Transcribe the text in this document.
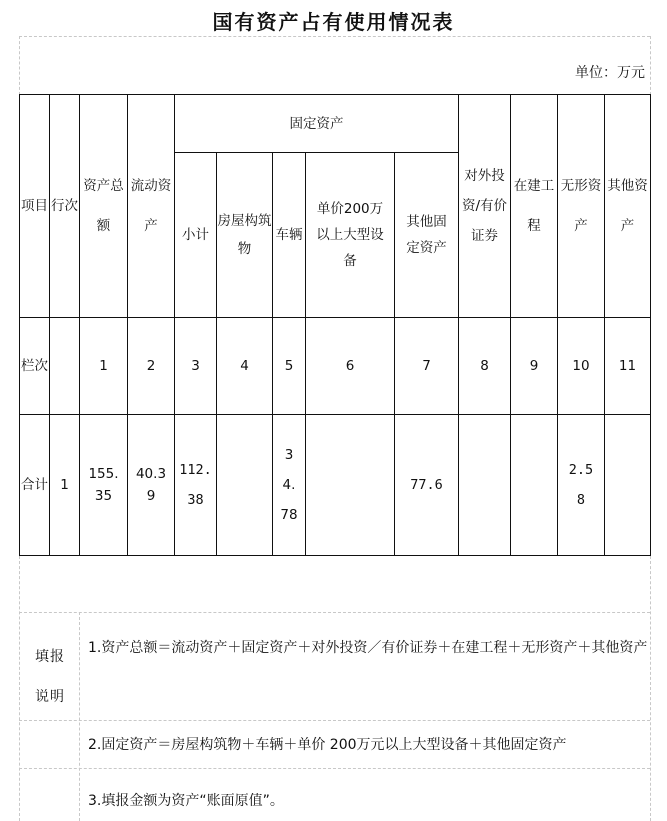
国有资产占有使用情况表
单位：万元
项目	行次	资产总额	流动资产	固定资产					对外投资/有价证券	在建工程	无形资产	其他资产
				小计	房屋构筑物	车辆	单价200万以上大型设备	其他固定资产				
栏次		1	2	3	4	5	6	7	8	9	10	11
合计	1	155.35	40.39	112.38		34.78		77.6			2.58	
填报说明
1.资产总额＝流动资产＋固定资产＋对外投资／有价证券＋在建工程＋无形资产＋其他资产
2.固定资产＝房屋构筑物＋车辆＋单价 200万元以上大型设备＋其他固定资产
3.填报金额为资产“账面原值”。
